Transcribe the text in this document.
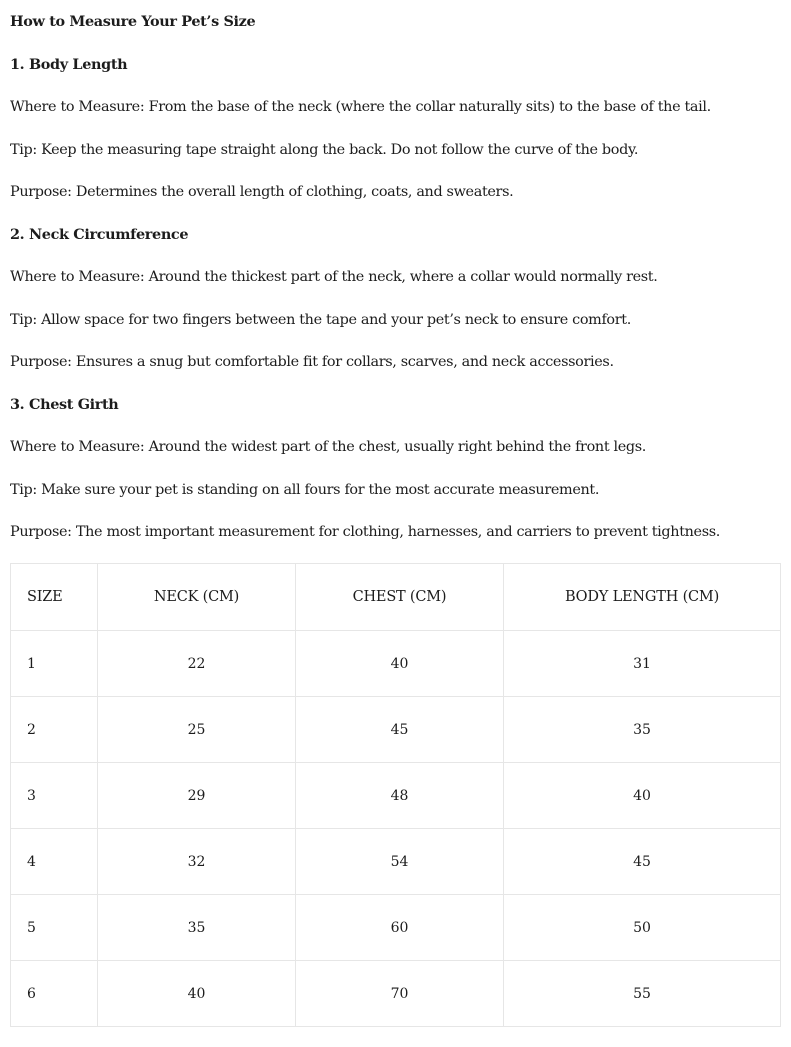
How to Measure Your Pet’s Size
1. Body Length
Where to Measure: From the base of the neck (where the collar naturally sits) to the base of the tail.
Tip: Keep the measuring tape straight along the back. Do not follow the curve of the body.
Purpose: Determines the overall length of clothing, coats, and sweaters.
2. Neck Circumference
Where to Measure: Around the thickest part of the neck, where a collar would normally rest.
Tip: Allow space for two fingers between the tape and your pet’s neck to ensure comfort.
Purpose: Ensures a snug but comfortable fit for collars, scarves, and neck accessories.
3. Chest Girth
Where to Measure: Around the widest part of the chest, usually right behind the front legs.
Tip: Make sure your pet is standing on all fours for the most accurate measurement.
Purpose: The most important measurement for clothing, harnesses, and carriers to prevent tightness.
SIZE	NECK (CM)	CHEST (CM)	BODY LENGTH (CM)
1	22	40	31
2	25	45	35
3	29	48	40
4	32	54	45
5	35	60	50
6	40	70	55
